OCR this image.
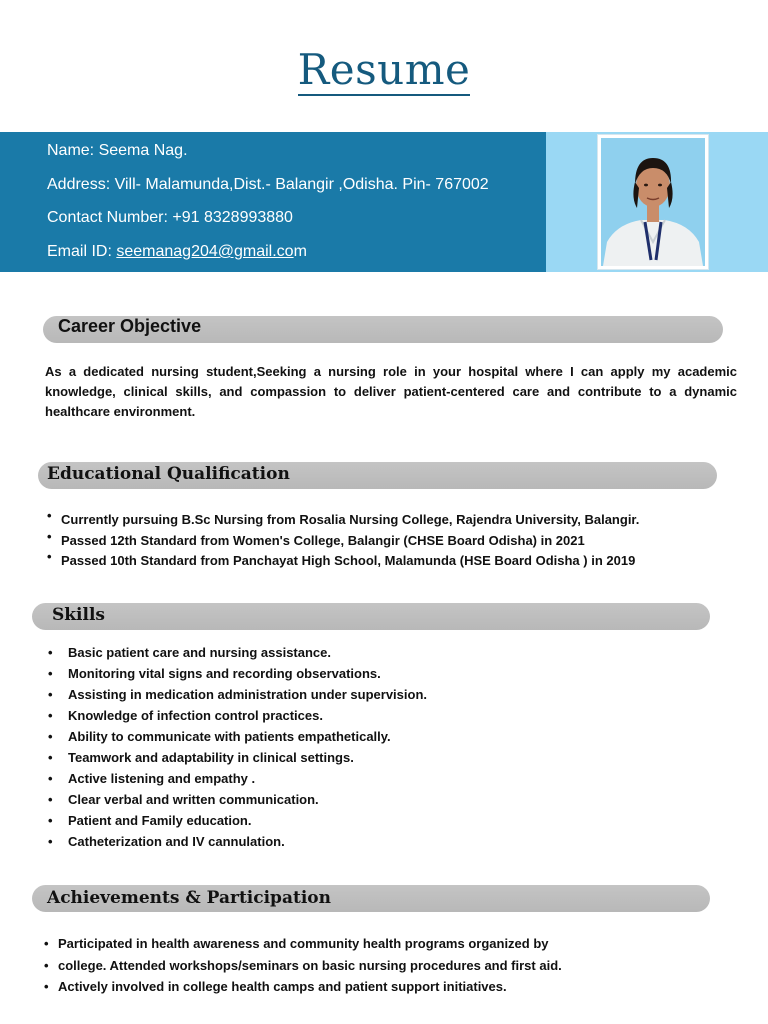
Resume
Name: Seema Nag.
Address: Vill- Malamunda,Dist.- Balangir ,Odisha. Pin- 767002
Contact Number: +91 8328993880
Email ID: seemanag204@gmail.com
Career Objective
As a dedicated nursing student,Seeking a nursing role in your hospital where I can apply my academic knowledge, clinical skills, and compassion to deliver patient-centered care and contribute to a dynamic healthcare environment.
Educational Qualification
• Currently pursuing B.Sc Nursing from Rosalia Nursing College, Rajendra University, Balangir.
• Passed 12th Standard from Women's College, Balangir (CHSE Board Odisha) in 2021
• Passed 10th Standard from Panchayat High School, Malamunda (HSE Board Odisha ) in 2019
Skills
• Basic patient care and nursing assistance.
• Monitoring vital signs and recording observations.
• Assisting in medication administration under supervision.
• Knowledge of infection control practices.
• Ability to communicate with patients empathetically.
• Teamwork and adaptability in clinical settings.
• Active listening and empathy .
• Clear verbal and written communication.
• Patient and Family education.
• Catheterization and IV cannulation.
Achievements & Participation
• Participated in health awareness and community health programs organized by
• college. Attended workshops/seminars on basic nursing procedures and first aid.
• Actively involved in college health camps and patient support initiatives.
